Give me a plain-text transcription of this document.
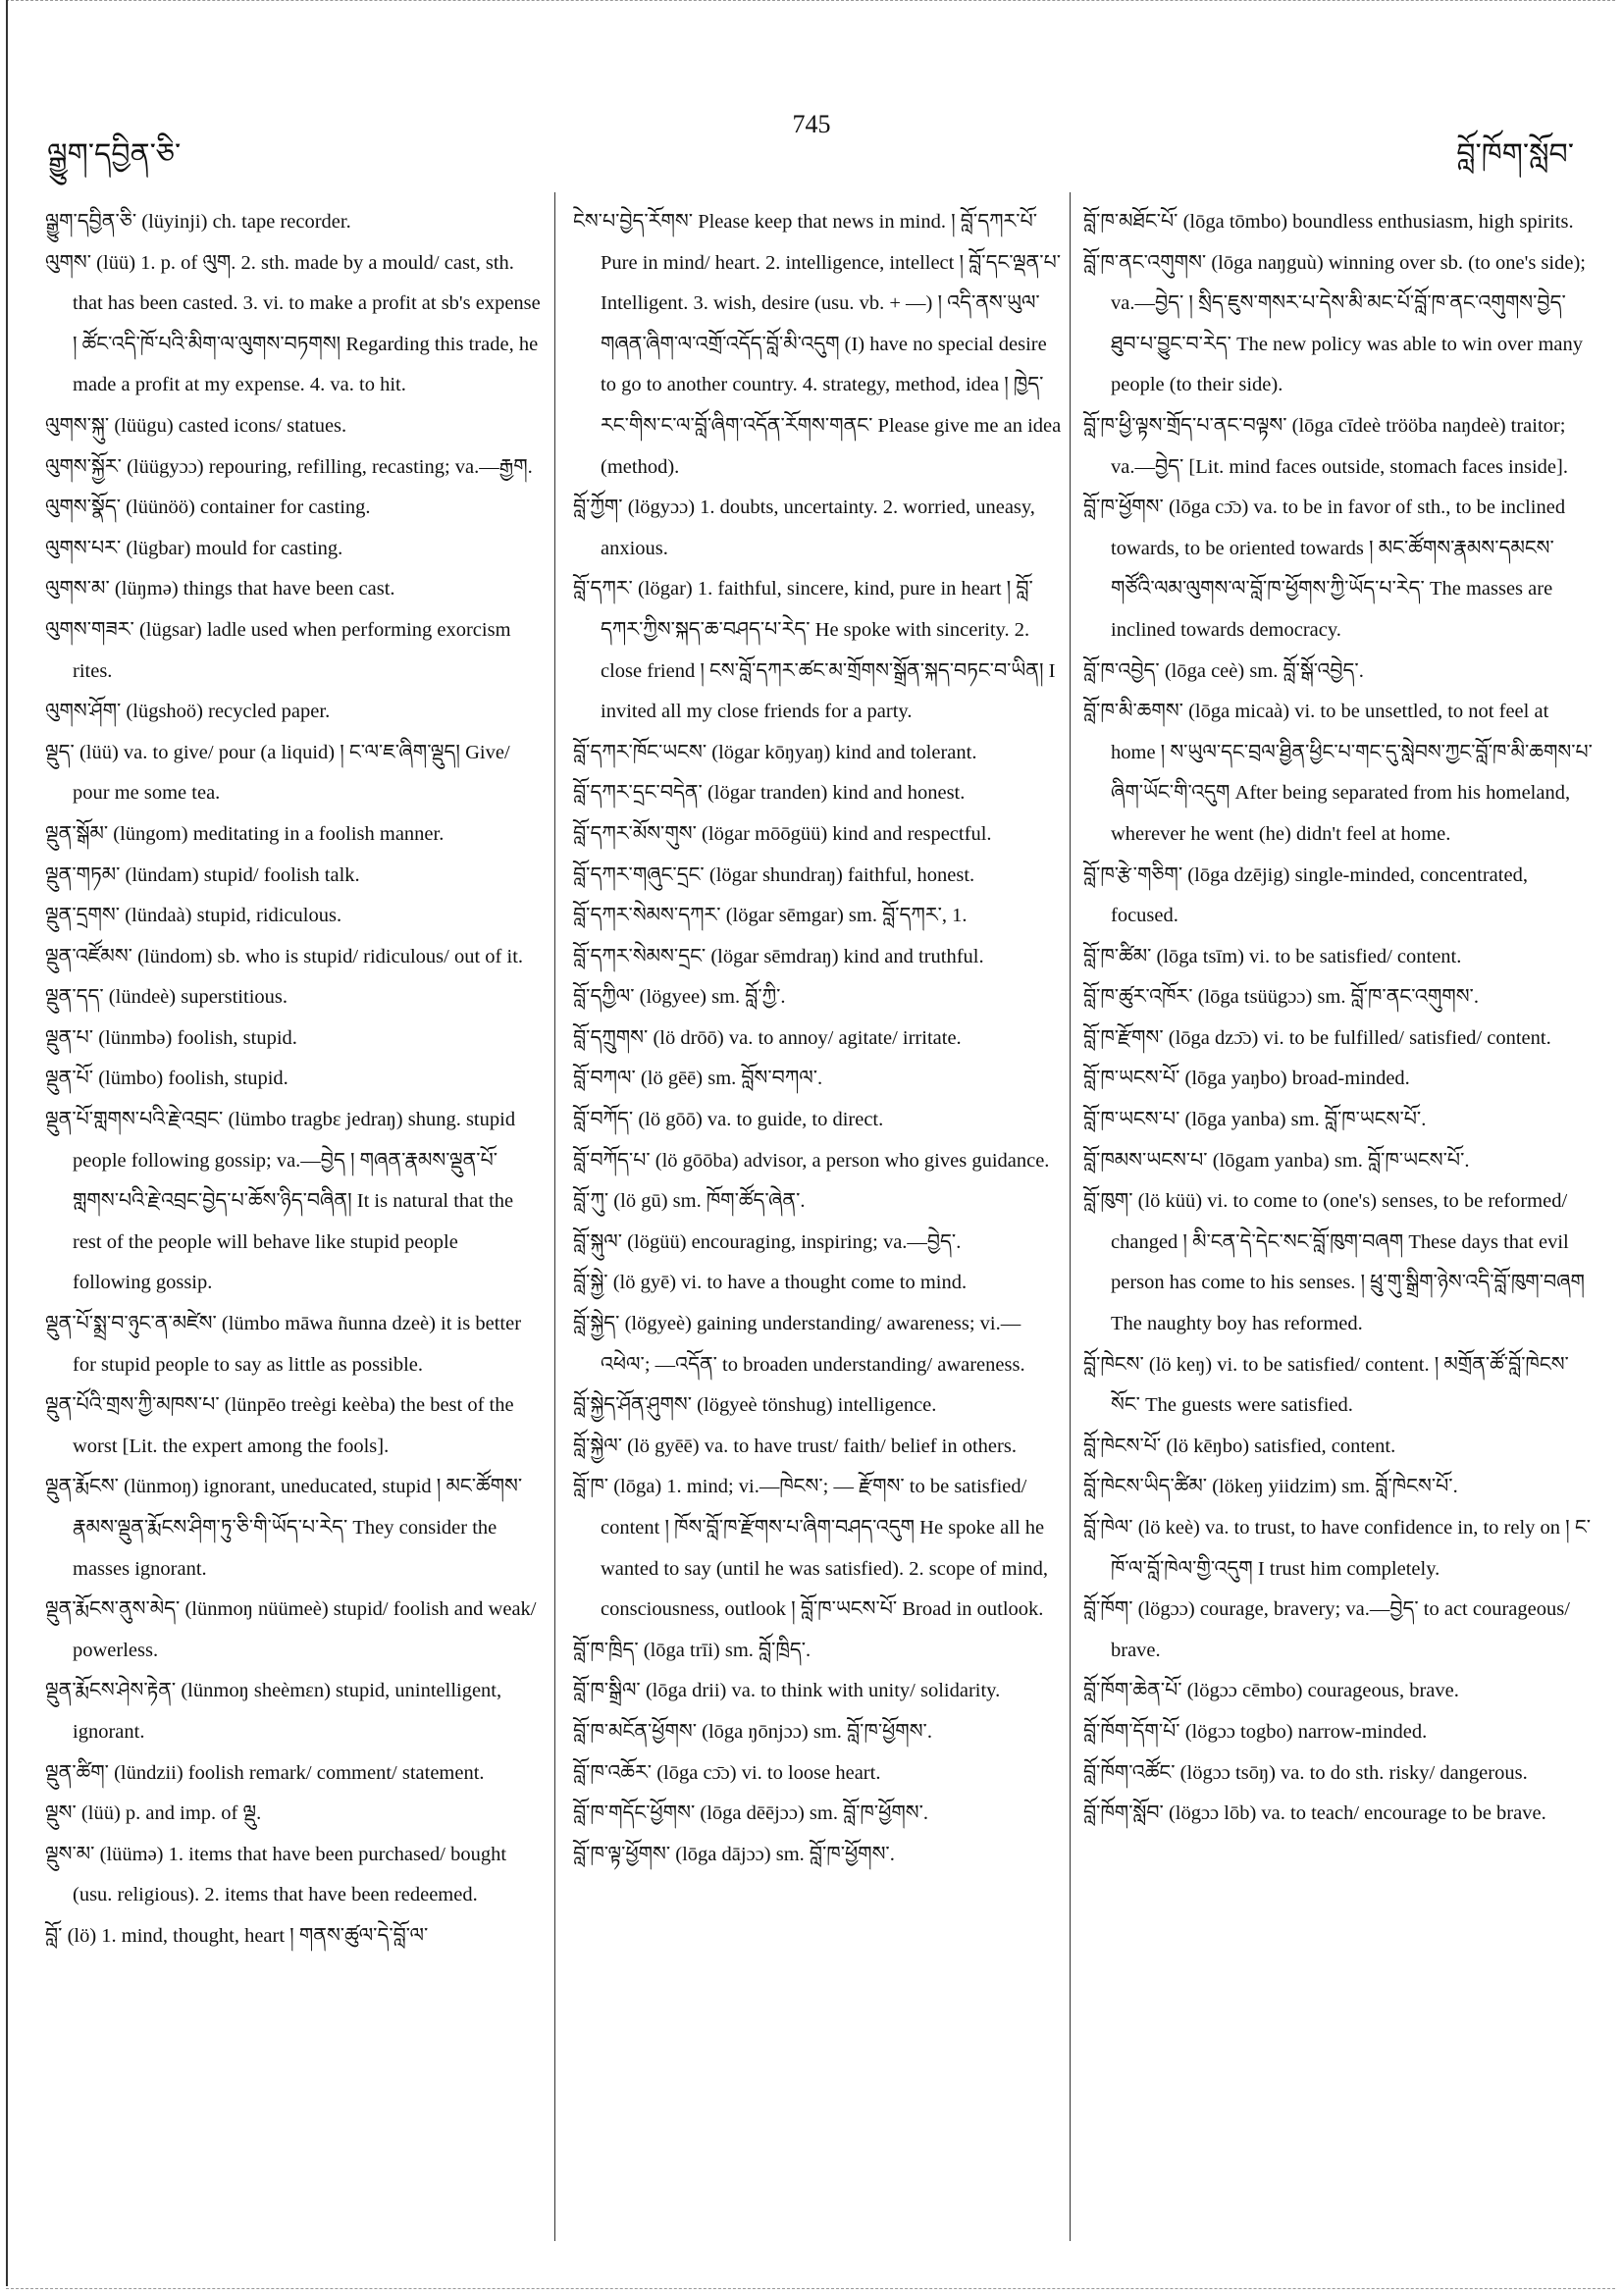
ལྒྱུག་དབྱིན་ཅི་
745
བློ་ཁོག་སློབ་

ལྒྱུག་དབྱིན་ཅི་ (lüyinji) ch. tape recorder.

ལུགས་ (lüü) 1. p. of ལུག. 2. sth. made by a mould/ cast, sth. that has been casted. 3. vi. to make a profit at sb's expense ། ཚོང་འདི་ཁོ་པའི་མིག་ལ་ལུགས་བཏགས། Regarding this trade, he made a profit at my expense. 4. va. to hit.

ལུགས་སྐུ་ (lüügu) casted icons/ statues.

ལུགས་སྐྱོར་ (lüügyɔɔ) repouring, refilling, recasting; va.—རྒྱག.

ལུགས་སྣོད་ (lüünöö) container for casting.

ལུགས་པར་ (lügbar) mould for casting.

ལུགས་མ་ (lüŋmə) things that have been cast.

ལུགས་གཟར་ (lügsar) ladle used when performing exorcism rites.

ལུགས་ཤོག་ (lügshoö) recycled paper.

ལྡུད་ (lüü) va. to give/ pour (a liquid) ། ང་ལ་ཇ་ཞིག་ལྡུད། Give/ pour me some tea.

ལྡུན་སྒོམ་ (lüngom) meditating in a foolish manner.

ལྡུན་གཏམ་ (lündam) stupid/ foolish talk.

ལྡུན་དྲགས་ (lündaà) stupid, ridiculous.

ལྡུན་འཛོམས་ (lündom) sb. who is stupid/ ridiculous/ out of it.

ལྡུན་དད་ (lündeè) superstitious.

ལྡུན་པ་ (lünmbə) foolish, stupid.

ལྡུན་པོ་ (lümbo) foolish, stupid.

ལྡུན་པོ་གླགས་པའི་རྗེ་འབྲང་ (lümbo tragbɛ jedraŋ) shung. stupid people following gossip; va.—བྱེད ། གཞན་རྣམས་ལྡུན་པོ་གླགས་པའི་རྗེ་འབྲང་བྱེད་པ་ཆོས་ཉིད་བཞིན། It is natural that the rest of the people will behave like stupid people following gossip.

ལྡུན་པོ་སྨྲ་བ་ཉུང་ན་མཛེས་ (lümbo māwa ñunna dzeè) it is better for stupid people to say as little as possible.

ལྡུན་པོའི་གྲས་ཀྱི་མཁས་པ་ (lünpēo treègi keèba) the best of the worst [Lit. the expert among the fools].

ལྡུན་རྨོངས་ (lünmoŋ) ignorant, uneducated, stupid ། མང་ཚོགས་རྣམས་ལྡུན་རྨོངས་ཤིག་ཏུ་ཅི་གི་ཡོད་པ་རེད་ They consider the masses ignorant.

ལྡུན་རྨོངས་ནུས་མེད་ (lünmoŋ nüümeè) stupid/ foolish and weak/ powerless.

ལྡུན་རྨོངས་ཤེས་རྟེན་ (lünmoŋ sheèmɛn) stupid, unintelligent, ignorant.

ལྡུན་ཚིག་ (lündzii) foolish remark/ comment/ statement.

ལྡུས་ (lüü) p. and imp. of ལྡུ.

ལྡུས་མ་ (lüümə) 1. items that have been purchased/ bought (usu. religious). 2. items that have been redeemed.

བློ་ (lö) 1. mind, thought, heart ། གནས་ཚུལ་དེ་བློ་ལ་

ངེས་པ་བྱེད་རོགས་ Please keep that news in mind. ། བློ་དཀར་པོ་ Pure in mind/ heart. 2. intelligence, intellect ། བློ་དང་ལྡན་པ་ Intelligent. 3. wish, desire (usu. vb. + —) ། འདི་ནས་ཡུལ་གཞན་ཞིག་ལ་འགྲོ་འདོད་བློ་མི་འདུག (I) have no special desire to go to another country. 4. strategy, method, idea ། ཁྱེད་རང་གིས་ང་ལ་བློ་ཞིག་འདོན་རོགས་གནང་ Please give me an idea (method).

བློ་ཀྱོག་ (lögyɔɔ) 1. doubts, uncertainty. 2. worried, uneasy, anxious.

བློ་དཀར་ (lögar) 1. faithful, sincere, kind, pure in heart ། བློ་དཀར་ཀྱིས་སྐད་ཆ་བཤད་པ་རེད་ He spoke with sincerity. 2. close friend ། ངས་བློ་དཀར་ཚང་མ་གྲོགས་སྒྲོན་སྐད་བཏང་བ་ཡིན། I invited all my close friends for a party.

བློ་དཀར་ཁོང་ཡངས་ (lögar kōŋyaŋ) kind and tolerant.

བློ་དཀར་དྲང་བདེན་ (lögar tranden) kind and honest.

བློ་དཀར་མོས་གུས་ (lögar mōōgüü) kind and respectful.

བློ་དཀར་གཞུང་དྲང་ (lögar shundraŋ) faithful, honest.

བློ་དཀར་སེམས་དཀར་ (lögar sēmgar) sm. བློ་དཀར་, 1.

བློ་དཀར་སེམས་དྲང་ (lögar sēmdraŋ) kind and truthful.

བློ་དཀྱིལ་ (lögyee) sm. བློ་ཀྱི་.

བློ་དཀྲུགས་ (lö drōō) va. to annoy/ agitate/ irritate.

བློ་བཀལ་ (lö gēē) sm. བློས་བཀལ་.

བློ་བཀོད་ (lö gōō) va. to guide, to direct.

བློ་བཀོད་པ་ (lö gōōba) advisor, a person who gives guidance.

བློ་ཀུ་ (lö gū) sm. ཁོག་ཚོད་ཞེན་.

བློ་སྐུལ་ (lögüü) encouraging, inspiring; va.—བྱེད་.

བློ་སྐྱེ་ (lö gyē) vi. to have a thought come to mind.

བློ་སྐྱེད་ (lögyeè) gaining understanding/ awareness; vi.—འཕེལ་; —འདོན་ to broaden understanding/ awareness.

བློ་སྐྱེད་ཤོན་ཤུགས་ (lögyeè tönshug) intelligence.

བློ་སྐྱེལ་ (lö gyēē) va. to have trust/ faith/ belief in others.

བློ་ཁ་ (lōga) 1. mind; vi.—ཁེངས་; — རྫོགས་ to be satisfied/ content ། ཁོས་བློ་ཁ་རྫོགས་པ་ཞིག་བཤད་འདུག He spoke all he wanted to say (until he was satisfied). 2. scope of mind, consciousness, outlook ། བློ་ཁ་ཡངས་པོ་ Broad in outlook.

བློ་ཁ་ཁྲིད་ (lōga trīi) sm. བློ་ཁྲིད་.

བློ་ཁ་སྒྲིལ་ (lōga drii) va. to think with unity/ solidarity.

བློ་ཁ་མངོན་ཕྱོགས་ (lōga ŋōnjɔɔ) sm. བློ་ཁ་ཕྱོགས་.

བློ་ཁ་འཆོར་ (lōga cɔ̄ɔ) vi. to loose heart.

བློ་ཁ་གདོང་ཕྱོགས་ (lōga dēējɔɔ) sm. བློ་ཁ་ཕྱོགས་.

བློ་ཁ་ལྟ་ཕྱོགས་ (lōga dājɔɔ) sm. བློ་ཁ་ཕྱོགས་.

བློ་ཁ་མཐོང་པོ་ (lōga tōmbo) boundless enthusiasm, high spirits.

བློ་ཁ་ནང་འགུགས་ (lōga naŋguù) winning over sb. (to one's side); va.—བྱེད་ ། སྲིད་ཇུས་གསར་པ་དེས་མི་མང་པོ་བློ་ཁ་ནང་འགུགས་བྱེད་ཐུབ་པ་བྱུང་བ་རེད་ The new policy was able to win over many people (to their side).

བློ་ཁ་ཕྱི་ལྟས་གྲོད་པ་ནང་བལྟས་ (lōga cīdeè trööba naŋdeè) traitor; va.—བྱེད་ [Lit. mind faces outside, stomach faces inside].

བློ་ཁ་ཕྱོགས་ (lōga cɔ̄ɔ) va. to be in favor of sth., to be inclined towards, to be oriented towards ། མང་ཚོགས་རྣམས་དམངས་གཙོའི་ལམ་ལུགས་ལ་བློ་ཁ་ཕྱོགས་ཀྱི་ཡོད་པ་རེད་ The masses are inclined towards democracy.

བློ་ཁ་འབྱེད་ (lōga ceè) sm. བློ་སྒོ་འབྱེད་.

བློ་ཁ་མི་ཆགས་ (lōga micaà) vi. to be unsettled, to not feel at home ། ས་ཡུལ་དང་བྲལ་ཐྱིན་ཕྱིང་པ་གང་དུ་སླེབས་ཀྱང་བློ་ཁ་མི་ཆགས་པ་ཞིག་ཡོང་གི་འདུག After being separated from his homeland, wherever he went (he) didn't feel at home.

བློ་ཁ་རྩེ་གཅིག་ (lōga dzējig) single-minded, concentrated, focused.

བློ་ཁ་ཚིམ་ (lōga tsīm) vi. to be satisfied/ content.

བློ་ཁ་ཚུར་འཁོར་ (lōga tsüügɔɔ) sm. བློ་ཁ་ནང་འགུགས་.

བློ་ཁ་རྫོགས་ (lōga dzɔ̄ɔ) vi. to be fulfilled/ satisfied/ content.

བློ་ཁ་ཡངས་པོ་ (lōga yaŋbo) broad-minded.

བློ་ཁ་ཡངས་པ་ (lōga yanba) sm. བློ་ཁ་ཡངས་པོ་.

བློ་ཁམས་ཡངས་པ་ (lōgam yanba) sm. བློ་ཁ་ཡངས་པོ་.

བློ་ཁུག་ (lö küü) vi. to come to (one's) senses, to be reformed/ changed ། མི་ངན་དེ་དེང་སང་བློ་ཁུག་བཞག These days that evil person has come to his senses. ། ཕྲུ་གུ་སྒྲིག་ཉེས་འདི་བློ་ཁུག་བཞག The naughty boy has reformed.

བློ་ཁེངས་ (lö keŋ) vi. to be satisfied/ content. ། མགྲོན་ཚོ་བློ་ཁེངས་སོང་ The guests were satisfied.

བློ་ཁེངས་པོ་ (lö kēŋbo) satisfied, content.

བློ་ཁེངས་ཡིད་ཚིམ་ (lökeŋ yiidzim) sm. བློ་ཁེངས་པོ་.

བློ་ཁེལ་ (lö keè) va. to trust, to have confidence in, to rely on ། ང་ཁོ་ལ་བློ་ཁེལ་གྱི་འདུག I trust him completely.

བློ་ཁོག་ (lögɔɔ) courage, bravery; va.—བྱེད་ to act courageous/ brave.

བློ་ཁོག་ཆེན་པོ་ (lögɔɔ cēmbo) courageous, brave.

བློ་ཁོག་དོག་པོ་ (lögɔɔ togbo) narrow-minded.

བློ་ཁོག་འཚོང་ (lögɔɔ tsōŋ) va. to do sth. risky/ dangerous.

བློ་ཁོག་སློབ་ (lögɔɔ lōb) va. to teach/ encourage to be brave.
